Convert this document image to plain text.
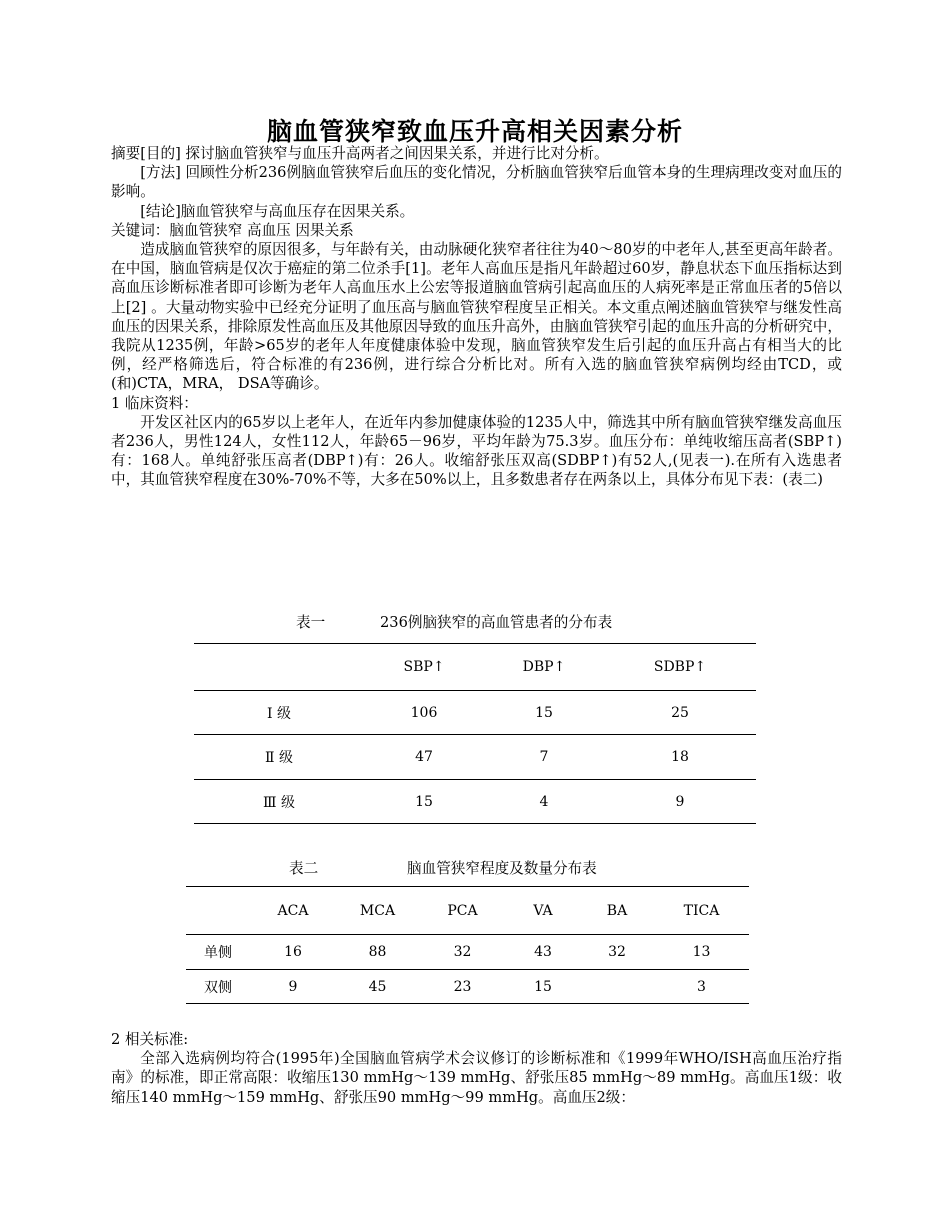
脑血管狭窄致血压升高相关因素分析

摘要[目的] 探讨脑血管狭窄与血压升高两者之间因果关系，并进行比对分析。

[方法] 回顾性分析236例脑血管狭窄后血压的变化情况，分析脑血管狭窄后血管本身的生理病理改变对血压的影响。

[结论]脑血管狭窄与高血压存在因果关系。

关键词：脑血管狭窄 高血压 因果关系

造成脑血管狭窄的原因很多，与年龄有关，由动脉硬化狭窄者往往为40～80岁的中老年人,甚至更高年龄者。在中国，脑血管病是仅次于癌症的第二位杀手[1]。老年人高血压是指凡年龄超过60岁，静息状态下血压指标达到高血压诊断标准者即可诊断为老年人高血压水上公宏等报道脑血管病引起高血压的人病死率是正常血压者的5倍以上[2] 。大量动物实验中已经充分证明了血压高与脑血管狭窄程度呈正相关。本文重点阐述脑血管狭窄与继发性高血压的因果关系，排除原发性高血压及其他原因导致的血压升高外，由脑血管狭窄引起的血压升高的分析研究中，我院从1235例，年龄>65岁的老年人年度健康体验中发现，脑血管狭窄发生后引起的血压升高占有相当大的比例，经严格筛选后，符合标准的有236例，进行综合分析比对。所有入选的脑血管狭窄病例均经由TCD，或(和)CTA，MRA， DSA等确诊。

1 临床资料：

开发区社区内的65岁以上老年人，在近年内参加健康体验的1235人中，筛选其中所有脑血管狭窄继发高血压者236人，男性124人，女性112人，年龄65－96岁，平均年龄为75.3岁。血压分布：单纯收缩压高者(SBP↑)有：168人。单纯舒张压高者(DBP↑)有：26人。收缩舒张压双高(SDBP↑)有52人,(见表一).在所有入选患者中，其血管狭窄程度在30%-70%不等，大多在50%以上，且多数患者存在两条以上，具体分布见下表：(表二)

表一	236例脑狭窄的高血管患者的分布表
	SBP↑	DBP↑	SDBP↑
Ⅰ 级	106	15	25
Ⅱ 级	47	7	18
Ⅲ 级	15	4	9
表二	脑血管狭窄程度及数量分布表
	ACA	MCA	PCA	VA	BA	TICA
单侧	16	88	32	43	32	13
双侧	9	45	23	15		3

2 相关标准:

全部入选病例均符合(1995年)全国脑血管病学术会议修订的诊断标准和《1999年WHO/ISH高血压治疗指南》的标准，即正常高限：收缩压130 mmHg～139 mmHg、舒张压85 mmHg～89 mmHg。高血压1级：收缩压140 mmHg～159 mmHg、舒张压90 mmHg～99 mmHg。高血压2级：
